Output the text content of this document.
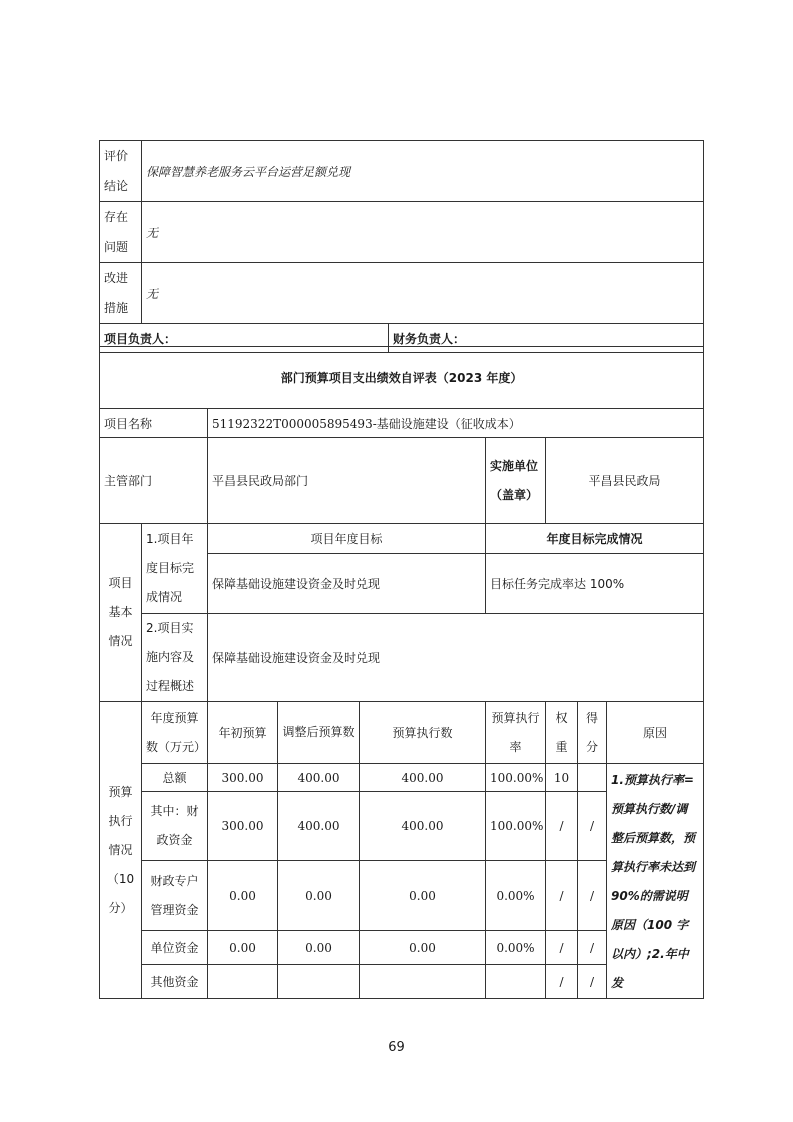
评价结论	保障智慧养老服务云平台运营足额兑现	
存在问题	无	
改进措施	无	
项目负责人：		财务负责人：
部门预算项目支出绩效自评表（2023 年度）								
项目名称		51192322T000005895493-基础设施建设（征收成本）						
主管部门		平昌县民政局部门			实施单位（盖章）	平昌县民政局		
项目基本情况	1.项目年度目标完成情况	项目年度目标			年度目标完成情况			
		保障基础设施建设资金及时兑现			目标任务完成率达 100%			

	2.项目实施内容及过程概述	保障基础设施建设资金及时兑现						

预算执行情况（10分）	年度预算数（万元）	年初预算	调整后预算数	预算执行数	预算执行率	权重	得分	原因
	总额	300.00	400.00	400.00	100.00%	10		1.预算执行率=预算执行数/调整后预算数，预算执行率未达到 90%的需说明原因（100 字以内）;2.年中发
	其中：财政资金	300.00	400.00	400.00	100.00%	/	/	
	财政专户管理资金	0.00	0.00	0.00	0.00%	/	/	
	单位资金	0.00	0.00	0.00	0.00%	/	/	
	其他资金					/	/	
69
